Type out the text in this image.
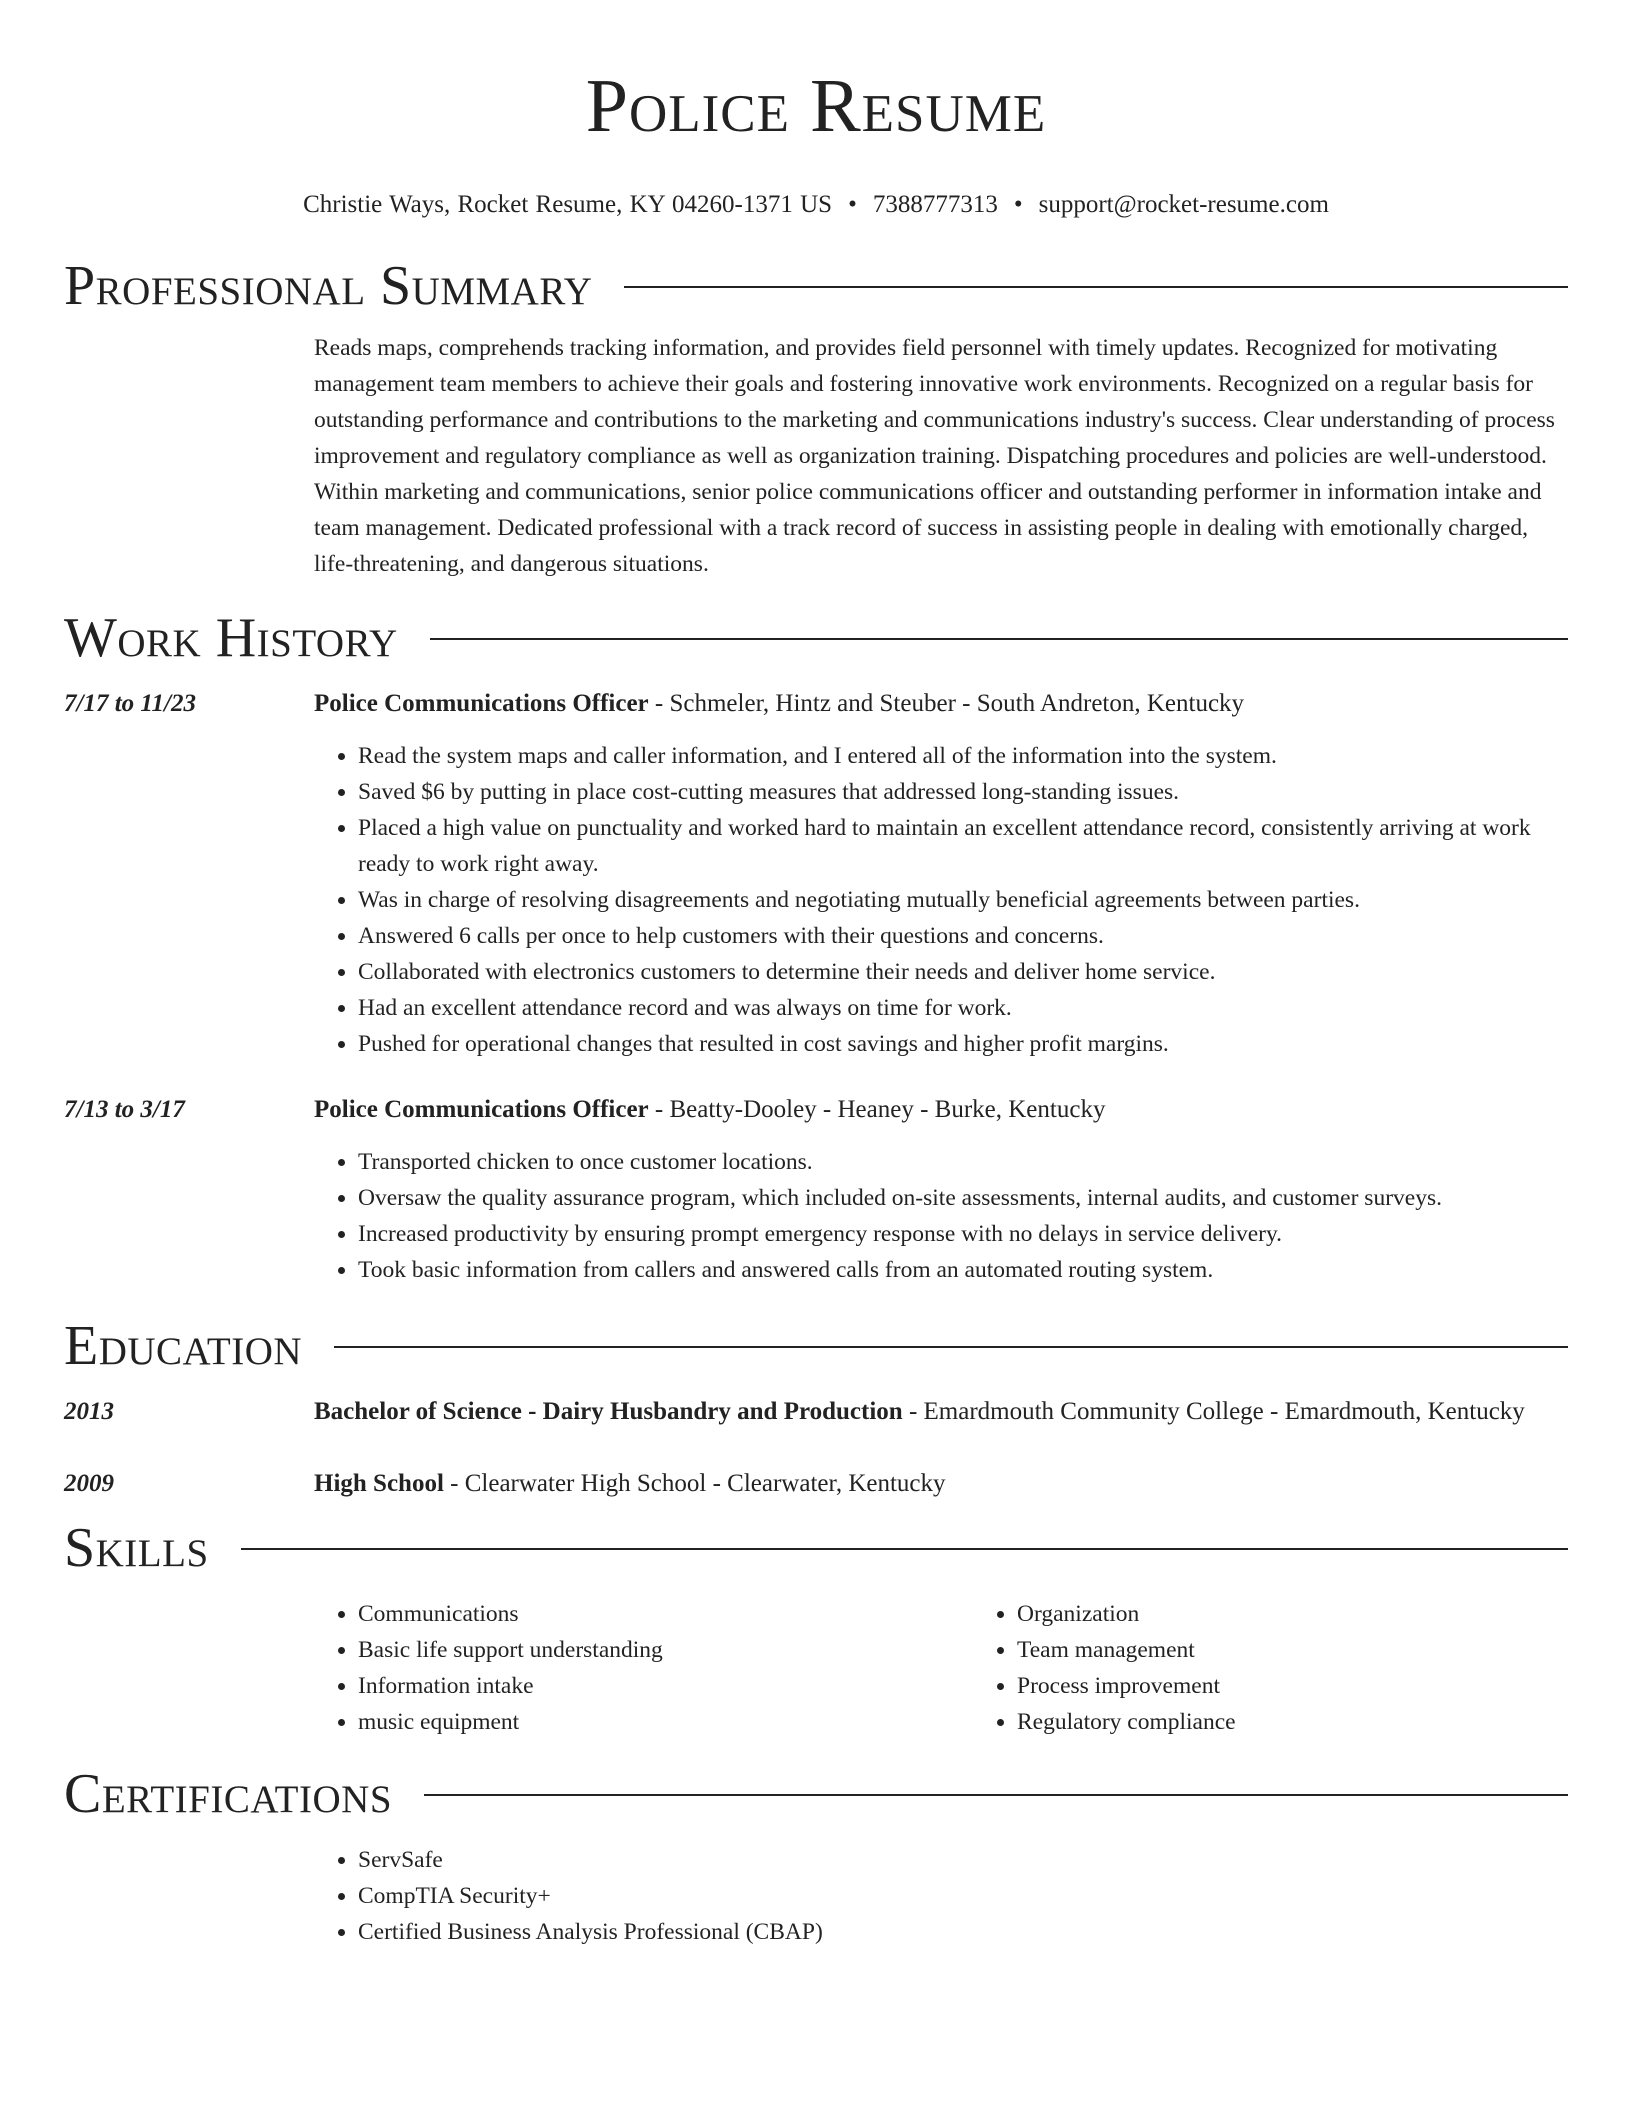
Police Resume
Christie Ways, Rocket Resume, KY 04260-1371 US • 7388777313 • support@rocket-resume.com
Professional Summary

Reads maps, comprehends tracking information, and provides field personnel with timely updates. Recognized for motivating management team members to achieve their goals and fostering innovative work environments. Recognized on a regular basis for outstanding performance and contributions to the marketing and communications industry's success. Clear understanding of process improvement and regulatory compliance as well as organization training. Dispatching procedures and policies are well-understood. Within marketing and communications, senior police communications officer and outstanding performer in information intake and team management. Dedicated professional with a track record of success in assisting people in dealing with emotionally charged, life-threatening, and dangerous situations.

Work History
7/17 to 11/23	Police Communications Officer - Schmeler, Hintz and Steuber - South Andreton, Kentucky
• Read the system maps and caller information, and I entered all of the information into the system.
• Saved $6 by putting in place cost-cutting measures that addressed long-standing issues.
• Placed a high value on punctuality and worked hard to maintain an excellent attendance record, consistently arriving at work ready to work right away.
• Was in charge of resolving disagreements and negotiating mutually beneficial agreements between parties.
• Answered 6 calls per once to help customers with their questions and concerns.
• Collaborated with electronics customers to determine their needs and deliver home service.
• Had an excellent attendance record and was always on time for work.
• Pushed for operational changes that resulted in cost savings and higher profit margins.
7/13 to 3/17	Police Communications Officer - Beatty-Dooley - Heaney - Burke, Kentucky
• Transported chicken to once customer locations.
• Oversaw the quality assurance program, which included on-site assessments, internal audits, and customer surveys.
• Increased productivity by ensuring prompt emergency response with no delays in service delivery.
• Took basic information from callers and answered calls from an automated routing system.
Education
2013	Bachelor of Science - Dairy Husbandry and Production - Emardmouth Community College - Emardmouth, Kentucky
2009	High School - Clearwater High School - Clearwater, Kentucky
Skills
• Communications
• Basic life support understanding
• Information intake
• music equipment
• Organization
• Team management
• Process improvement
• Regulatory compliance
Certifications
• ServSafe
• CompTIA Security+
• Certified Business Analysis Professional (CBAP)
